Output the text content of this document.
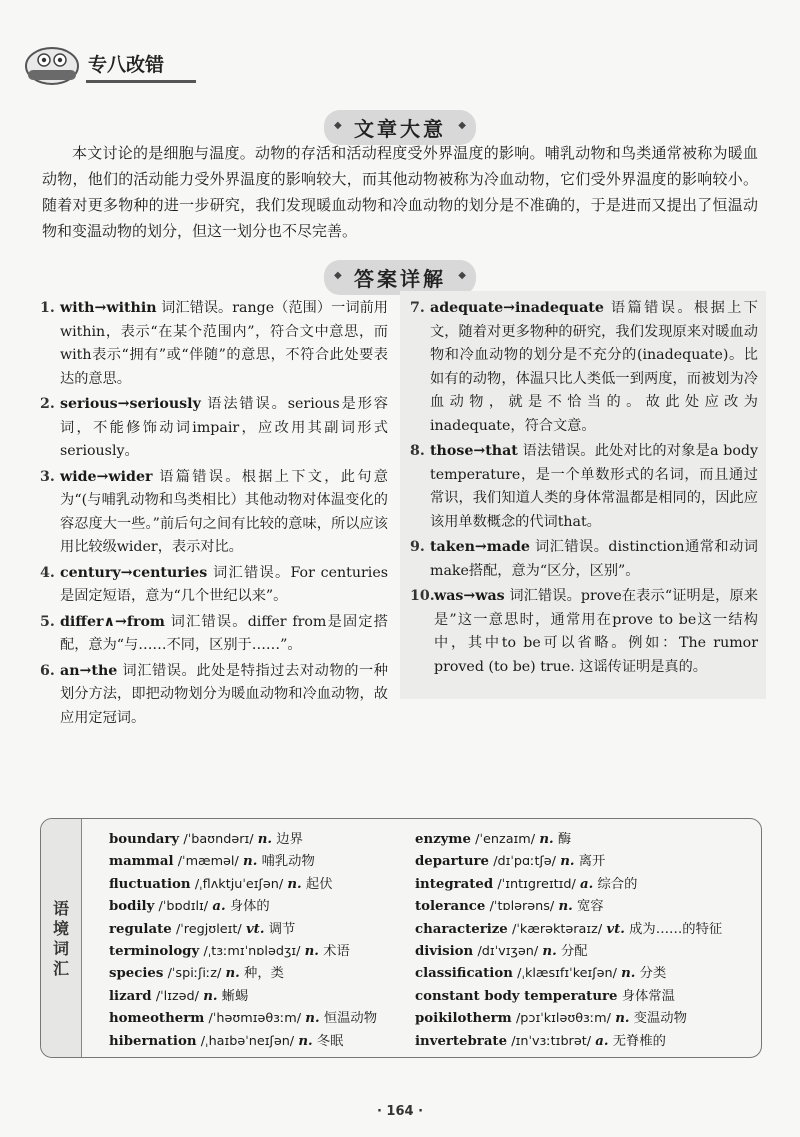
专八改错
◆ 文章大意 ◆

本文讨论的是细胞与温度。动物的存活和活动程度受外界温度的影响。哺乳动物和鸟类通常被称为暖血动物，他们的活动能力受外界温度的影响较大，而其他动物被称为冷血动物，它们受外界温度的影响较小。随着对更多物种的进一步研究，我们发现暖血动物和冷血动物的划分是不准确的，于是进而又提出了恒温动物和变温动物的划分，但这一划分也不尽完善。

◆ 答案详解 ◆
1. with→within 词汇错误。range（范围）一词前用within，表示“在某个范围内”，符合文中意思，而with表示“拥有”或“伴随”的意思，不符合此处要表达的意思。
2. serious→seriously 语法错误。serious是形容词，不能修饰动词impair，应改用其副词形式seriously。
3. wide→wider 语篇错误。根据上下文，此句意为“(与哺乳动物和鸟类相比）其他动物对体温变化的容忍度大一些。”前后句之间有比较的意味，所以应该用比较级wider，表示对比。
4. century→centuries 词汇错误。For centuries是固定短语，意为“几个世纪以来”。
5. differ∧→from 词汇错误。differ from是固定搭配，意为“与……不同，区别于……”。
6. an→the 词汇错误。此处是特指过去对动物的一种划分方法，即把动物划分为暖血动物和冷血动物，故应用定冠词。
7. adequate→inadequate 语篇错误。根据上下文，随着对更多物种的研究，我们发现原来对暖血动物和冷血动物的划分是不充分的(inadequate)。比如有的动物，体温只比人类低一到两度，而被划为冷血动物，就是不恰当的。故此处应改为inadequate，符合文意。
8. those→that 语法错误。此处对比的对象是a body temperature，是一个单数形式的名词，而且通过常识，我们知道人类的身体常温都是相同的，因此应该用单数概念的代词that。
9. taken→made 词汇错误。distinction通常和动词make搭配，意为“区分，区别”。
10. was→was 词汇错误。prove在表示“证明是，原来是”这一意思时，通常用在prove to be这一结构中，其中to be可以省略。例如：The rumor proved (to be) true. 这谣传证明是真的。
语境词汇
boundary /ˈbaʊndərɪ/ n. 边界
mammal /ˈmæməl/ n. 哺乳动物
fluctuation /ˌflʌktjuˈeɪʃən/ n. 起伏
bodily /ˈbɒdɪlɪ/ a. 身体的
regulate /ˈregjʊleɪt/ vt. 调节
terminology /ˌtɜːmɪˈnɒlədʒɪ/ n. 术语
species /ˈspiːʃiːz/ n. 种，类
lizard /ˈlɪzəd/ n. 蜥蜴
homeotherm /ˈhəʊmɪəθɜːm/ n. 恒温动物
hibernation /ˌhaɪbəˈneɪʃən/ n. 冬眠
enzyme /ˈenzaɪm/ n. 酶
departure /dɪˈpɑːtʃə/ n. 离开
integrated /ˈɪntɪgreɪtɪd/ a. 综合的
tolerance /ˈtɒlərəns/ n. 宽容
characterize /ˈkærəktəraɪz/ vt. 成为……的特征
division /dɪˈvɪʒən/ n. 分配
classification /ˌklæsɪfɪˈkeɪʃən/ n. 分类
constant body temperature 身体常温
poikilotherm /pɔɪˈkɪləʊθɜːm/ n. 变温动物
invertebrate /ɪnˈvɜːtɪbrət/ a. 无脊椎的
· 164 ·
